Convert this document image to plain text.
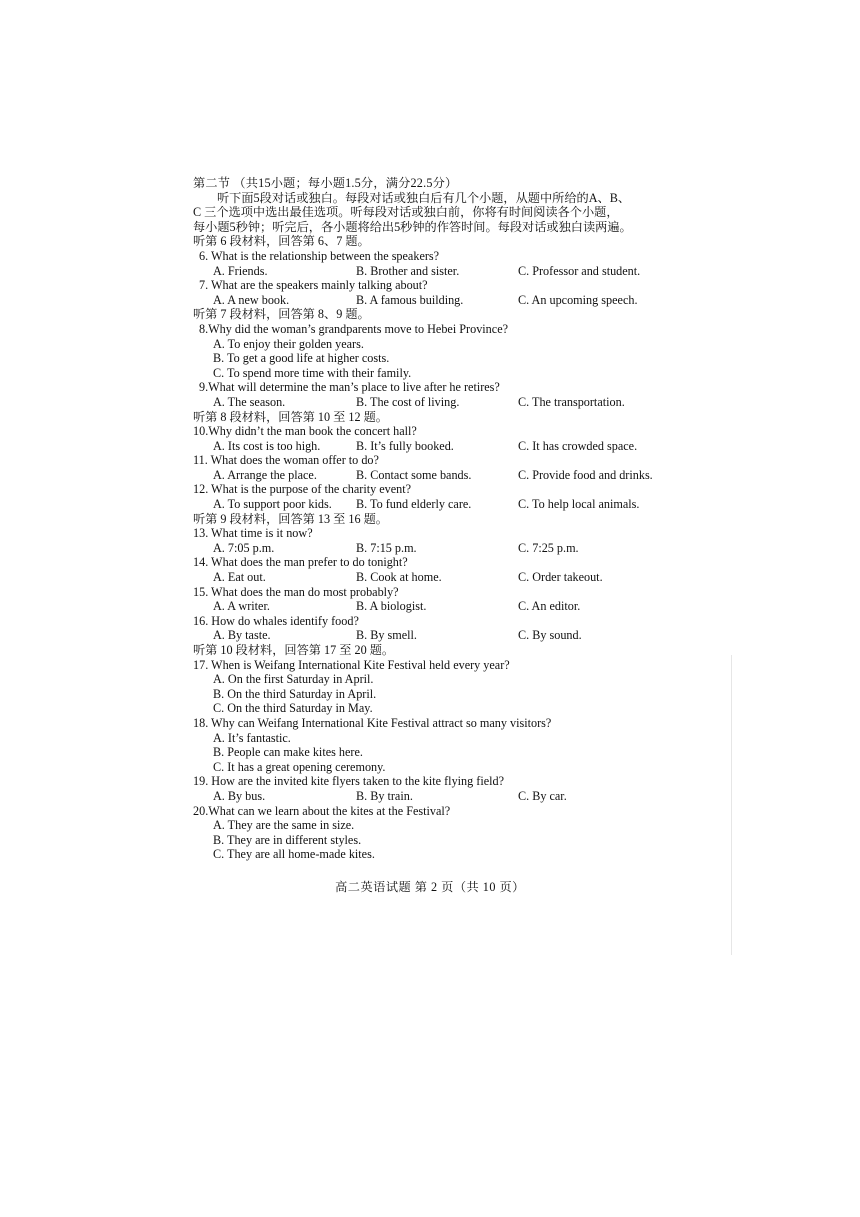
第二节 （共15小题；每小题1.5分，满分22.5分）
听下面5段对话或独白。每段对话或独白后有几个小题，从题中所给的A、B、
C 三个选项中选出最佳选项。听每段对话或独白前，你将有时间阅读各个小题，
每小题5秒钟；听完后，各小题将给出5秒钟的作答时间。每段对话或独白读两遍。
听第 6 段材料，回答第 6、7 题。
6. What is the relationship between the speakers?
A. Friends.	B. Brother and sister.	C. Professor and student.
7. What are the speakers mainly talking about?
A. A new book.	B. A famous building.	C. An upcoming speech.
听第 7 段材料，回答第 8、9 题。
8.Why did the woman’s grandparents move to Hebei Province?
A. To enjoy their golden years.
B. To get a good life at higher costs.
C. To spend more time with their family.
9.What will determine the man’s place to live after he retires?
A. The season.	B. The cost of living.	C. The transportation.
听第 8 段材料，回答第 10 至 12 题。
10.Why didn’t the man book the concert hall?
A. Its cost is too high.	B. It’s fully booked.	C. It has crowded space.
11. What does the woman offer to do?
A. Arrange the place.	B. Contact some bands.	C. Provide food and drinks.
12. What is the purpose of the charity event?
A. To support poor kids.	B. To fund elderly care.	C. To help local animals.
听第 9 段材料，回答第 13 至 16 题。
13. What time is it now?
A. 7:05 p.m.	B. 7:15 p.m.	C. 7:25 p.m.
14. What does the man prefer to do tonight?
A. Eat out.	B. Cook at home.	C. Order takeout.
15. What does the man do most probably?
A. A writer.	B. A biologist.	C. An editor.
16. How do whales identify food?
A. By taste.	B. By smell.	C. By sound.
听第 10 段材料，回答第 17 至 20 题。
17. When is Weifang International Kite Festival held every year?
A. On the first Saturday in April.
B. On the third Saturday in April.
C. On the third Saturday in May.
18. Why can Weifang International Kite Festival attract so many visitors?
A. It’s fantastic.
B. People can make kites here.
C. It has a great opening ceremony.
19. How are the invited kite flyers taken to the kite flying field?
A. By bus.	B. By train.	C. By car.
20.What can we learn about the kites at the Festival?
A. They are the same in size.
B. They are in different styles.
C. They are all home-made kites.
高二英语试题 第 2 页（共 10 页）
